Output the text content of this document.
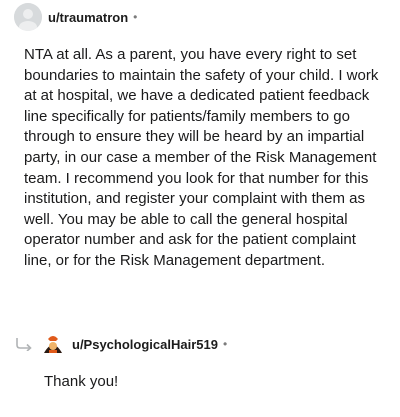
u/traumatron •
NTA at all. As a parent, you have every right to set boundaries to maintain the safety of your child. I work at at hospital, we have a dedicated patient feedback line specifically for patients/family members to go through to ensure they will be heard by an impartial party, in our case a member of the Risk Management team. I recommend you look for that number for this institution, and register your complaint with them as well. You may be able to call the general hospital operator number and ask for the patient complaint line, or for the Risk Management department.
u/PsychologicalHair519 •
Thank you!
